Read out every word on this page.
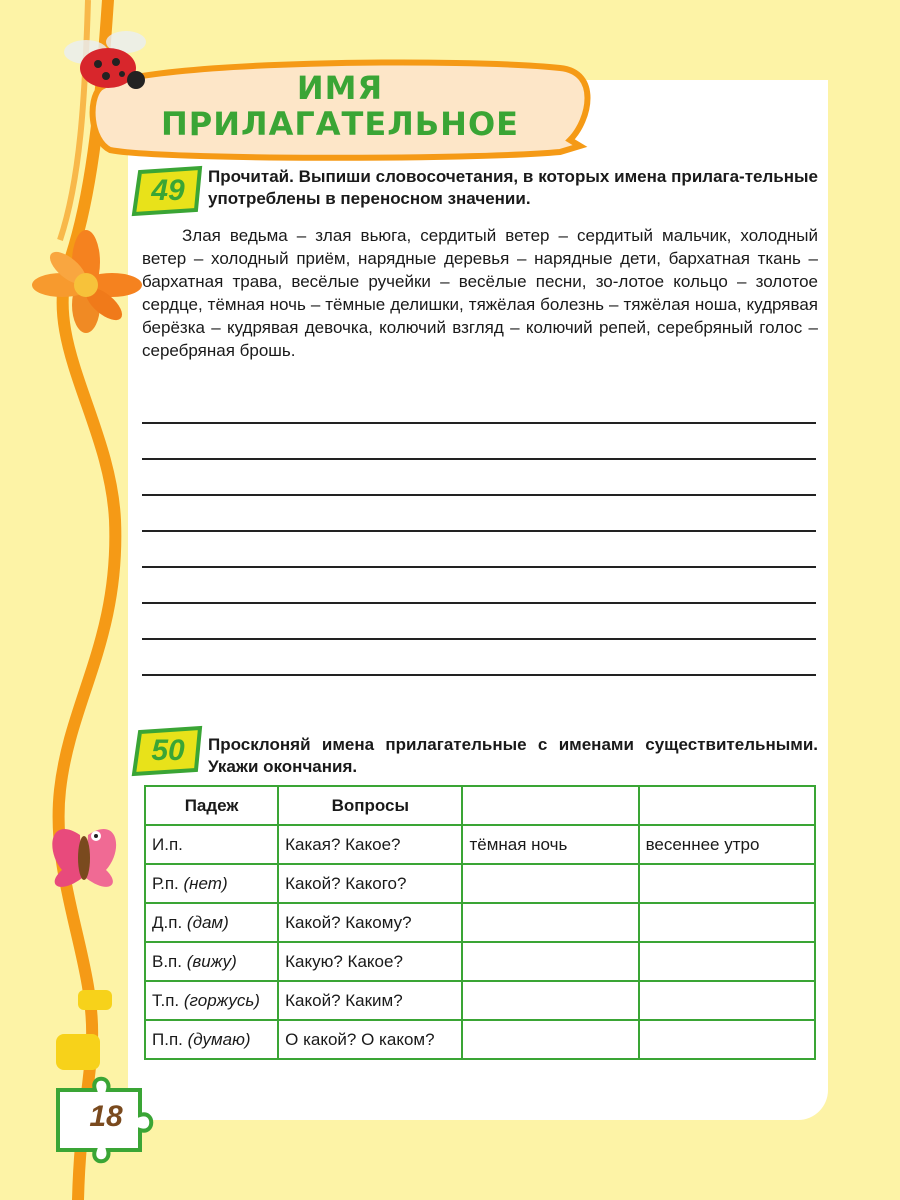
ИМЯ
ПРИЛАГАТЕЛЬНОЕ
49	Прочитай. Выпиши словосочетания, в которых имена прилага-тельные употреблены в переносном значении.

Злая ведьма – злая вьюга, сердитый ветер – сердитый мальчик, холодный ветер – холодный приём, нарядные деревья – нарядные дети, бархатная ткань – бархатная трава, весёлые ручейки – весёлые песни, зо-лотое кольцо – золотое сердце, тёмная ночь – тёмные делишки, тяжёлая болезнь – тяжёлая ноша, кудрявая берёзка – кудрявая девочка, колючий взгляд – колючий репей, серебряный голос – серебряная брошь.

50	Просклоняй имена прилагательные с именами существительными. Укажи окончания.
Падеж	Вопросы		
И.п.	Какая? Какое?	тёмная ночь	весеннее утро
Р.п. (нет)	Какой? Какого?		
Д.п. (дам)	Какой? Какому?		
В.п. (вижу)	Какую? Какое?		
Т.п. (горжусь)	Какой? Каким?		
П.п. (думаю)	О какой? О каком?		
18
